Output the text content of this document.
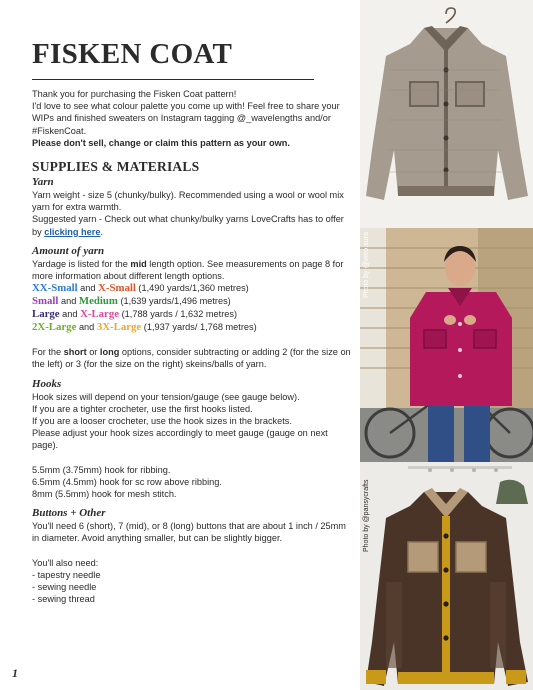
FISKEN COAT

Thank you for purchasing the Fisken Coat pattern!

I'd love to see what colour palette you come up with! Feel free to share your WIPs and finished sweaters on Instagram tagging @_wavelengths and/or #FiskenCoat.

Please don't sell, change or claim this pattern as your own.

SUPPLIES & MATERIALS
Yarn

Yarn weight - size 5 (chunky/bulky). Recommended using a wool or wool mix yarn for extra warmth.

Suggested yarn - Check out what chunky/bulky yarns LoveCrafts has to offer by clicking here.

Amount of yarn

Yardage is listed for the mid length option. See measurements on page 8 for more information about different length options.

XX-Small and X-Small (1,490 yards/1,360 metres)

Small and Medium (1,639 yards/1,496 metres)

Large and X-Large (1,788 yards / 1,632 metres)

2X-Large and 3X-Large (1,937 yards/ 1,768 metres)

For the short or long options, consider subtracting or adding 2 (for the size on the left) or 3 (for the size on the right) skeins/balls of yarn.

Hooks

Hook sizes will depend on your tension/gauge (see gauge below).

If you are a tighter crocheter, use the first hooks listed.

If you are a looser crocheter, use the hook sizes in the brackets.

Please adjust your hook sizes accordingly to meet gauge (gauge on next page).

5.5mm (3.75mm) hook for ribbing.

6.5mm (4.5mm) hook for sc row above ribbing.

8mm (5.5mm) hook for mesh stitch.

Buttons + Other

You'll need 6 (short), 7 (mid), or 8 (long) buttons that are about 1 inch / 25mm in diameter. Avoid anything smaller, but can be slightly bigger.

You'll also need:

- tapestry needle

- sewing needle

- sewing thread

1
Photo by @vero.sura
Photo by @pansycrafts
